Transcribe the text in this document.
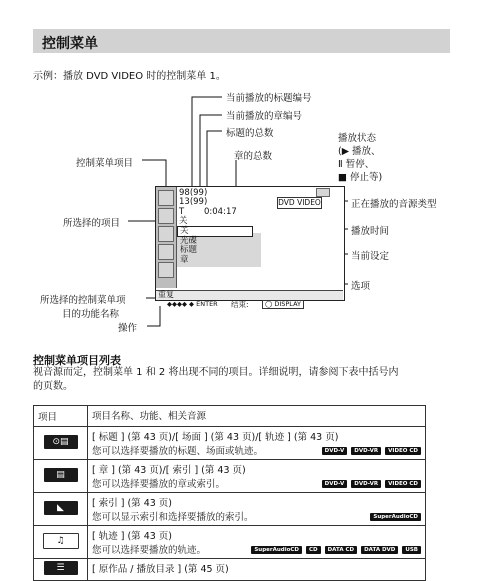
控制菜单
示例：播放 DVD VIDEO 时的控制菜单 1。
当前播放的标题编号
当前播放的章编号
标题的总数
章的总数
播放状态
(▶ 播放、
Ⅱ 暂停、
■ 停止等)
控制菜单项目
正在播放的音源类型
所选择的项目
播放时间
当前设定
选项
所选择的控制菜单项
目的功能名称
操作
DVD VIDEO
98(99)
13(99)
T 0:04:17
关
关
光碟
标题
章
重复
◆◆◆◆ ◆ ENTER 结束:	◯ DISPLAY
控制菜单项目列表
视音源而定，控制菜单 1 和 2 将出现不同的项目。详细说明，请参阅下表中括号内
的页数。
项目	项目名称、功能、相关音源

⊙▤	[ 标题 ] (第 43 页)/[ 场面 ] (第 43 页)/[ 轨迹 ] (第 43 页)
您可以选择要播放的标题、场面或轨迹。 DVD-V DVD-VR VIDEO CD

▤	[ 章 ] (第 43 页)/[ 索引 ] (第 43 页)
您可以选择要播放的章或索引。 DVD-V DVD-VR VIDEO CD

◣	[ 索引 ] (第 43 页)
您可以显示索引和选择要播放的索引。 SuperAudioCD

♫	[ 轨迹 ] (第 43 页)
您可以选择要播放的轨迹。 SuperAudioCD CD DATA CD DATA DVD USB

☰	[ 原作品 / 播放目录 ] (第 45 页)
